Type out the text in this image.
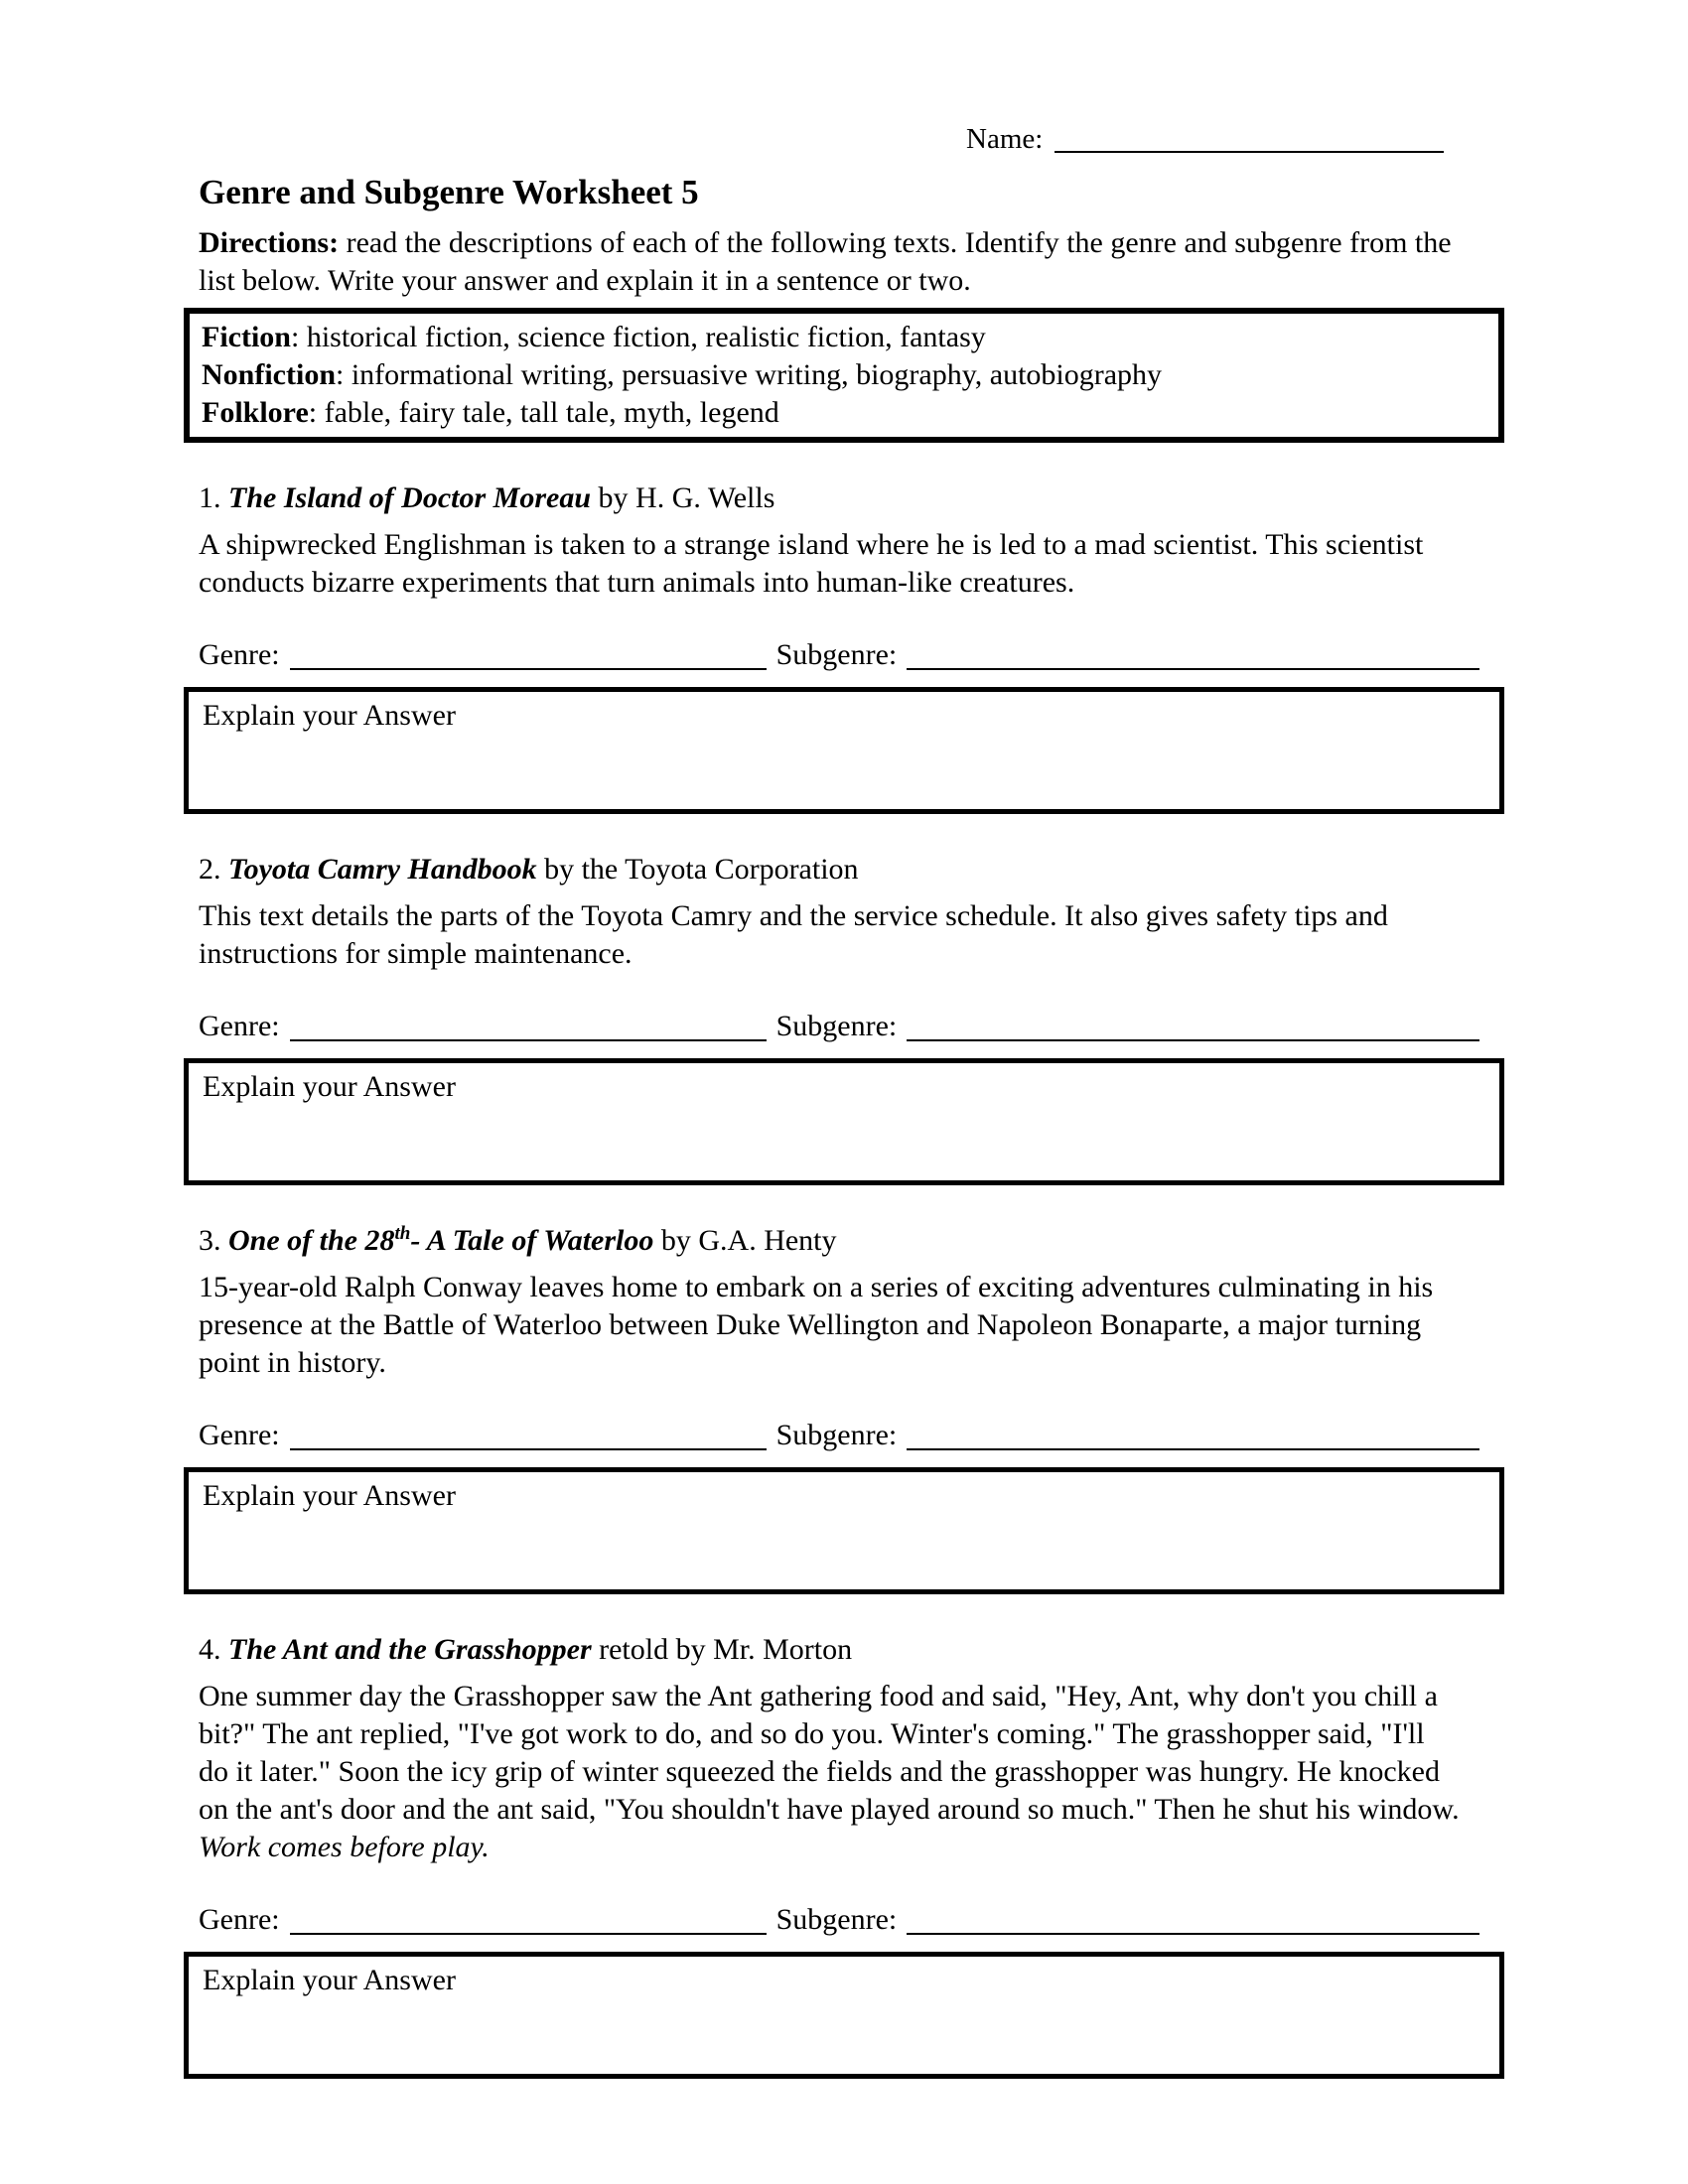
Name:
Genre and Subgenre Worksheet 5

Directions: read the descriptions of each of the following texts. Identify the genre and subgenre from the list below. Write your answer and explain it in a sentence or two.

Fiction: historical fiction, science fiction, realistic fiction, fantasy
Nonfiction: informational writing, persuasive writing, biography, autobiography
Folklore: fable, fairy tale, tall tale, myth, legend

1. The Island of Doctor Moreau by H. G. Wells

A shipwrecked Englishman is taken to a strange island where he is led to a mad scientist. This scientist conducts bizarre experiments that turn animals into human-like creatures.

Genre:	Subgenre:
Explain your Answer

2. Toyota Camry Handbook by the Toyota Corporation

This text details the parts of the Toyota Camry and the service schedule. It also gives safety tips and instructions for simple maintenance.

Genre:	Subgenre:
Explain your Answer

3. One of the 28th- A Tale of Waterloo by G.A. Henty

15-year-old Ralph Conway leaves home to embark on a series of exciting adventures culminating in his presence at the Battle of Waterloo between Duke Wellington and Napoleon Bonaparte, a major turning point in history.

Genre:	Subgenre:
Explain your Answer

4. The Ant and the Grasshopper retold by Mr. Morton

One summer day the Grasshopper saw the Ant gathering food and said, "Hey, Ant, why don't you chill a bit?" The ant replied, "I've got work to do, and so do you. Winter's coming." The grasshopper said, "I'll do it later." Soon the icy grip of winter squeezed the fields and the grasshopper was hungry. He knocked on the ant's door and the ant said, "You shouldn't have played around so much." Then he shut his window. Work comes before play.

Genre:	Subgenre:
Explain your Answer
